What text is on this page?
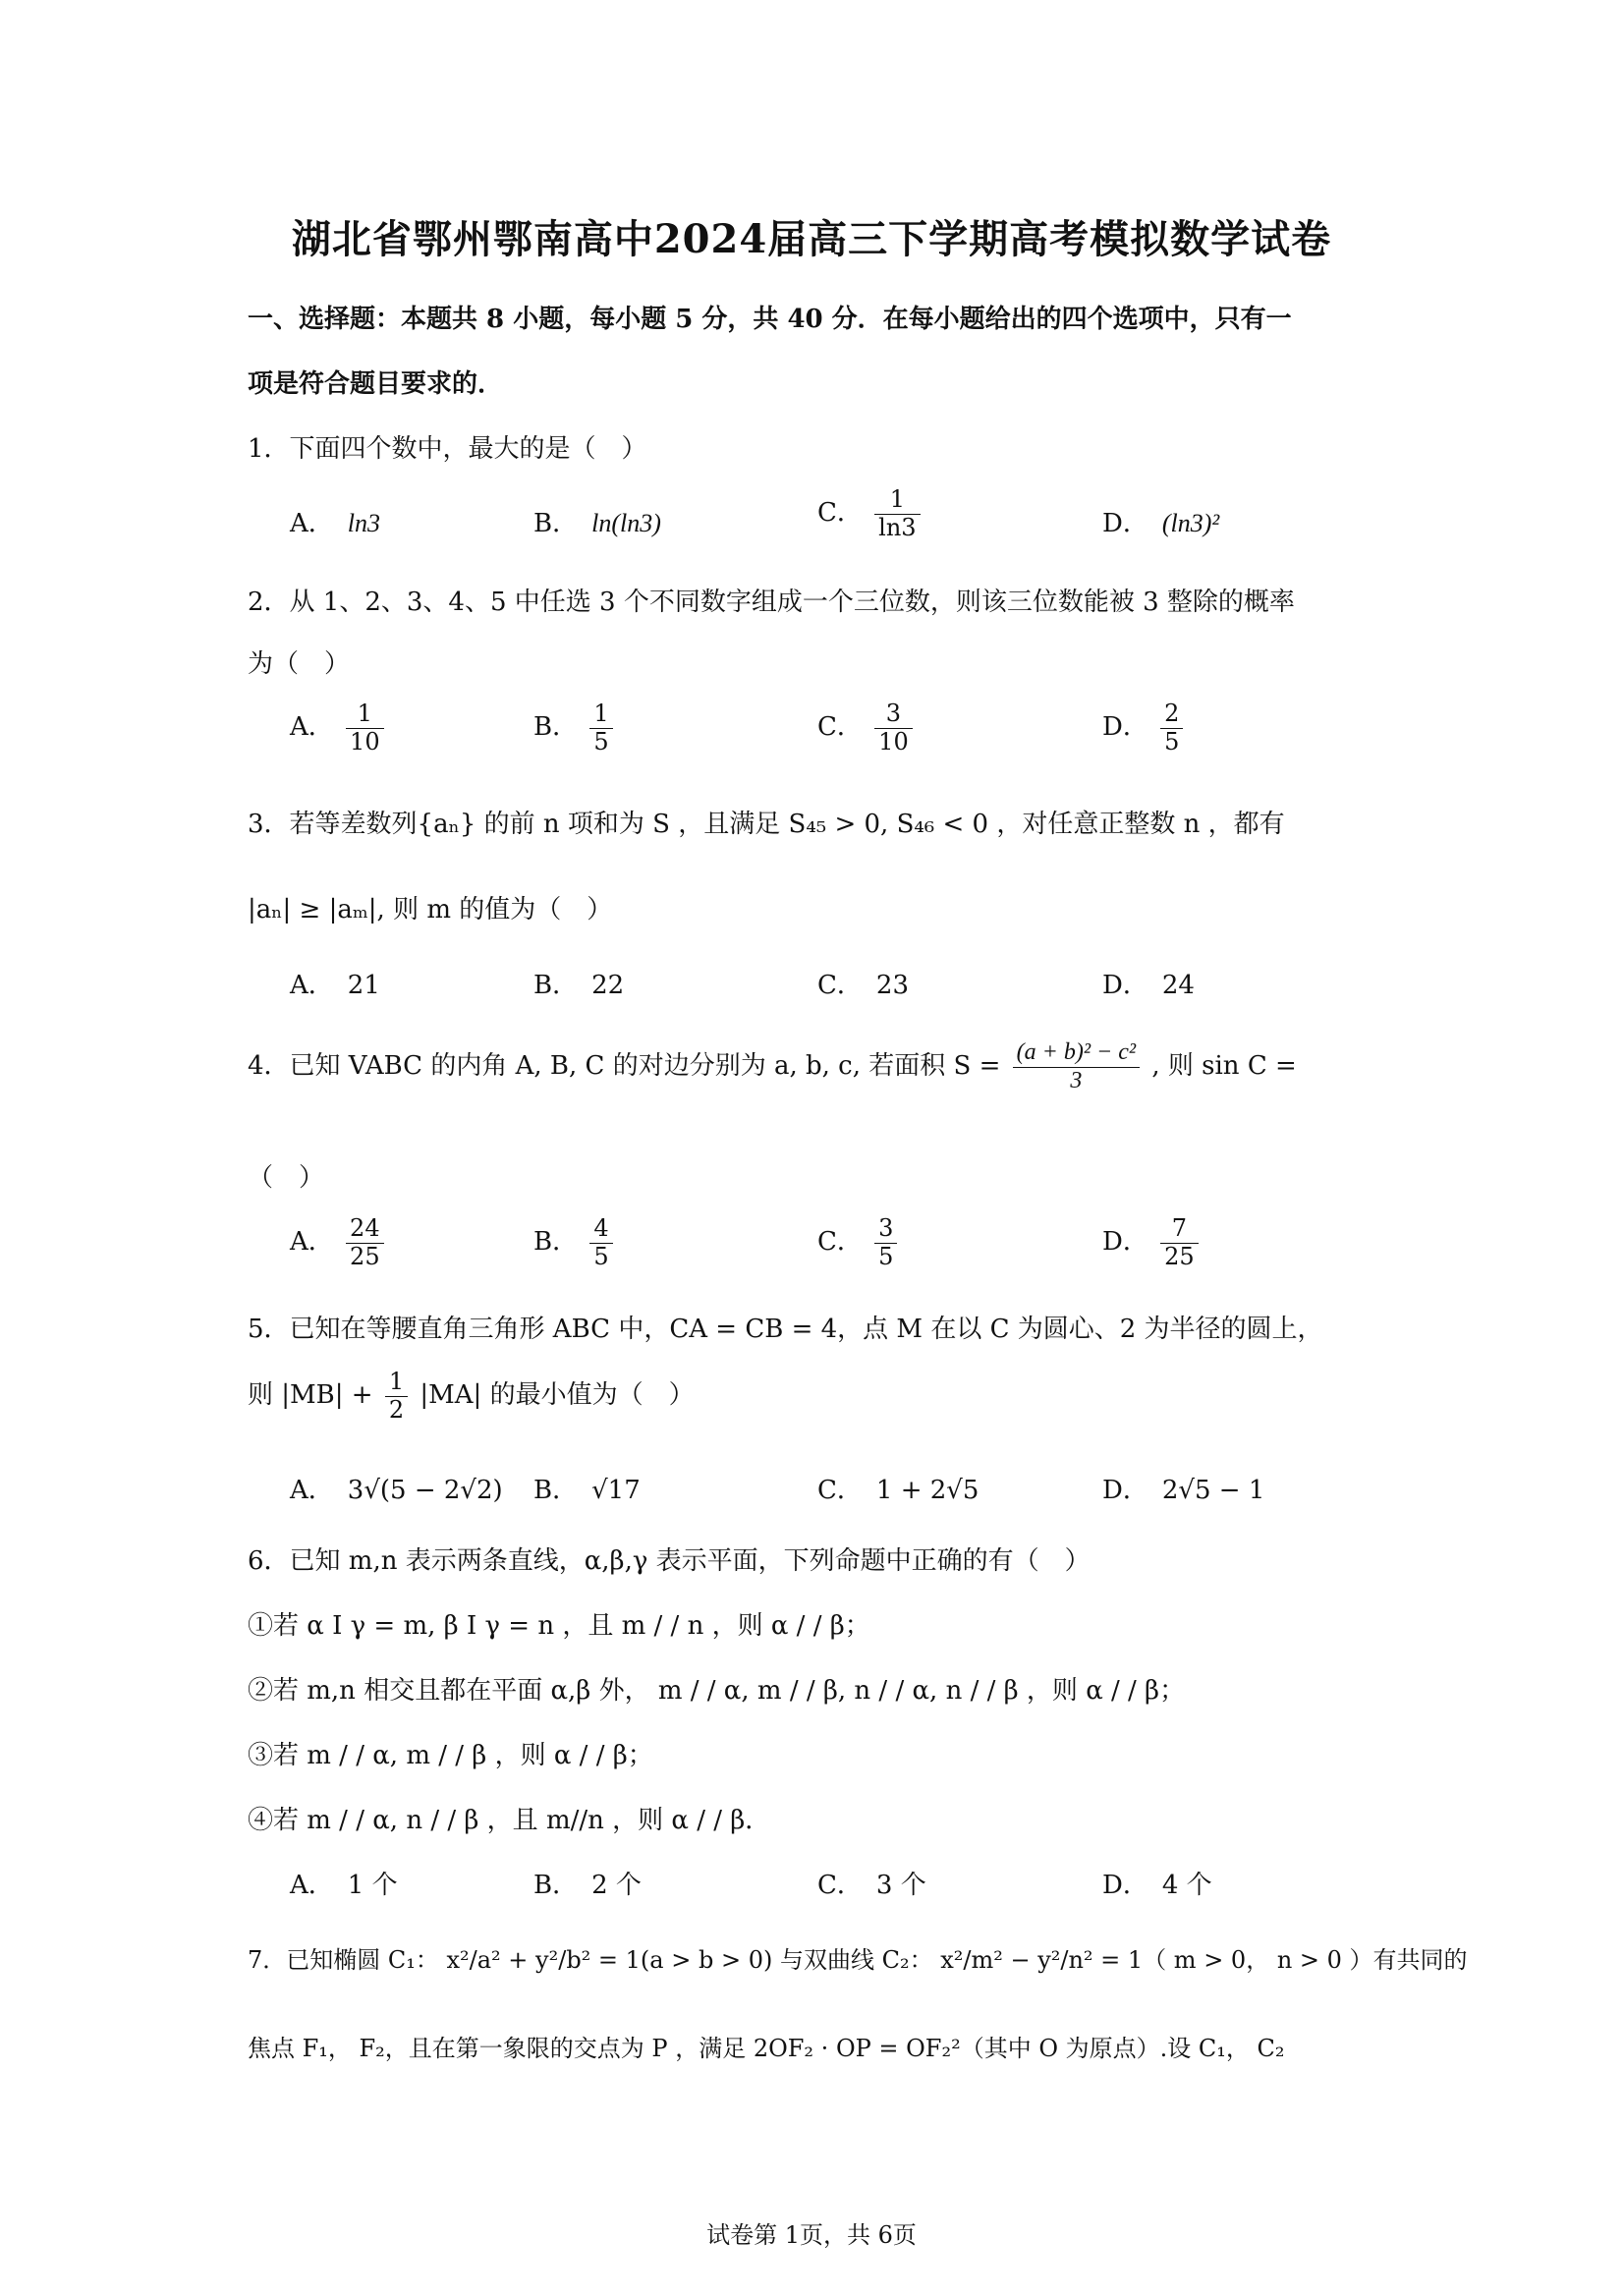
湖北省鄂州鄂南高中2024届高三下学期高考模拟数学试卷
一、选择题：本题共 8 小题，每小题 5 分，共 40 分．在每小题给出的四个选项中，只有一
项是符合题目要求的．
1．下面四个数中，最大的是（　）
A． ln3	B． ln(ln3)	C． $\frac{1}{\ln 3}$	D． (ln3)²
2．从 1、2、3、4、5 中任选 3 个不同数字组成一个三位数，则该三位数能被 3 整除的概率
为（　）
A． $\frac{1}{10}$	B． $\frac{1}{5}$	C． $\frac{3}{10}$	D． $\frac{2}{5}$
3．若等差数列{aₙ} 的前 n 项和为 S ，且满足 S₄₅ > 0, S₄₆ < 0 ，对任意正整数 n ，都有
|aₙ| ≥ |aₘ|, 则 m 的值为（　）
A． 21	B． 22	C． 23	D． 24
4．已知 VABC 的内角 A, B, C 的对边分别为 a, b, c, 若面积 $S = \frac{\text{(a + b)² − c²}}{3}$ , 则 sin C =
（　）
A． $\frac{24}{25}$	B． $\frac{4}{5}$	C． $\frac{3}{5}$	D． $\frac{7}{25}$
5．已知在等腰直角三角形 ABC 中，CA = CB = 4，点 M 在以 C 为圆心、2 为半径的圆上，
则 $|MB| + \frac{1}{2} |MA|$ 的最小值为（　）
A． 3√(5 − 2√2) B． √17	C． 1 + 2√5	D． 2√5 − 1
6．已知 m,n 表示两条直线，α,β,γ 表示平面，下列命题中正确的有（　）
①若 α I γ = m, β I γ = n ，且 m / / n ，则 α / / β；
②若 m,n 相交且都在平面 α,β 外， m / / α, m / / β, n / / α, n / / β ，则 α / / β；
③若 m / / α, m / / β ，则 α / / β；
④若 m / / α, n / / β ，且 m//n ，则 α / / β．
A． 1 个	B． 2 个	C． 3 个	D． 4 个
7．已知椭圆 C₁： x²/a² + y²/b² = 1(a > b > 0) 与双曲线 C₂： x²/m² − y²/n² = 1（ m > 0， n > 0 ）有共同的
焦点 F₁， F₂，且在第一象限的交点为 P ，满足 2OF₂ · OP = OF₂²（其中 O 为原点）.设 C₁， C₂
试卷第 1页，共 6页
